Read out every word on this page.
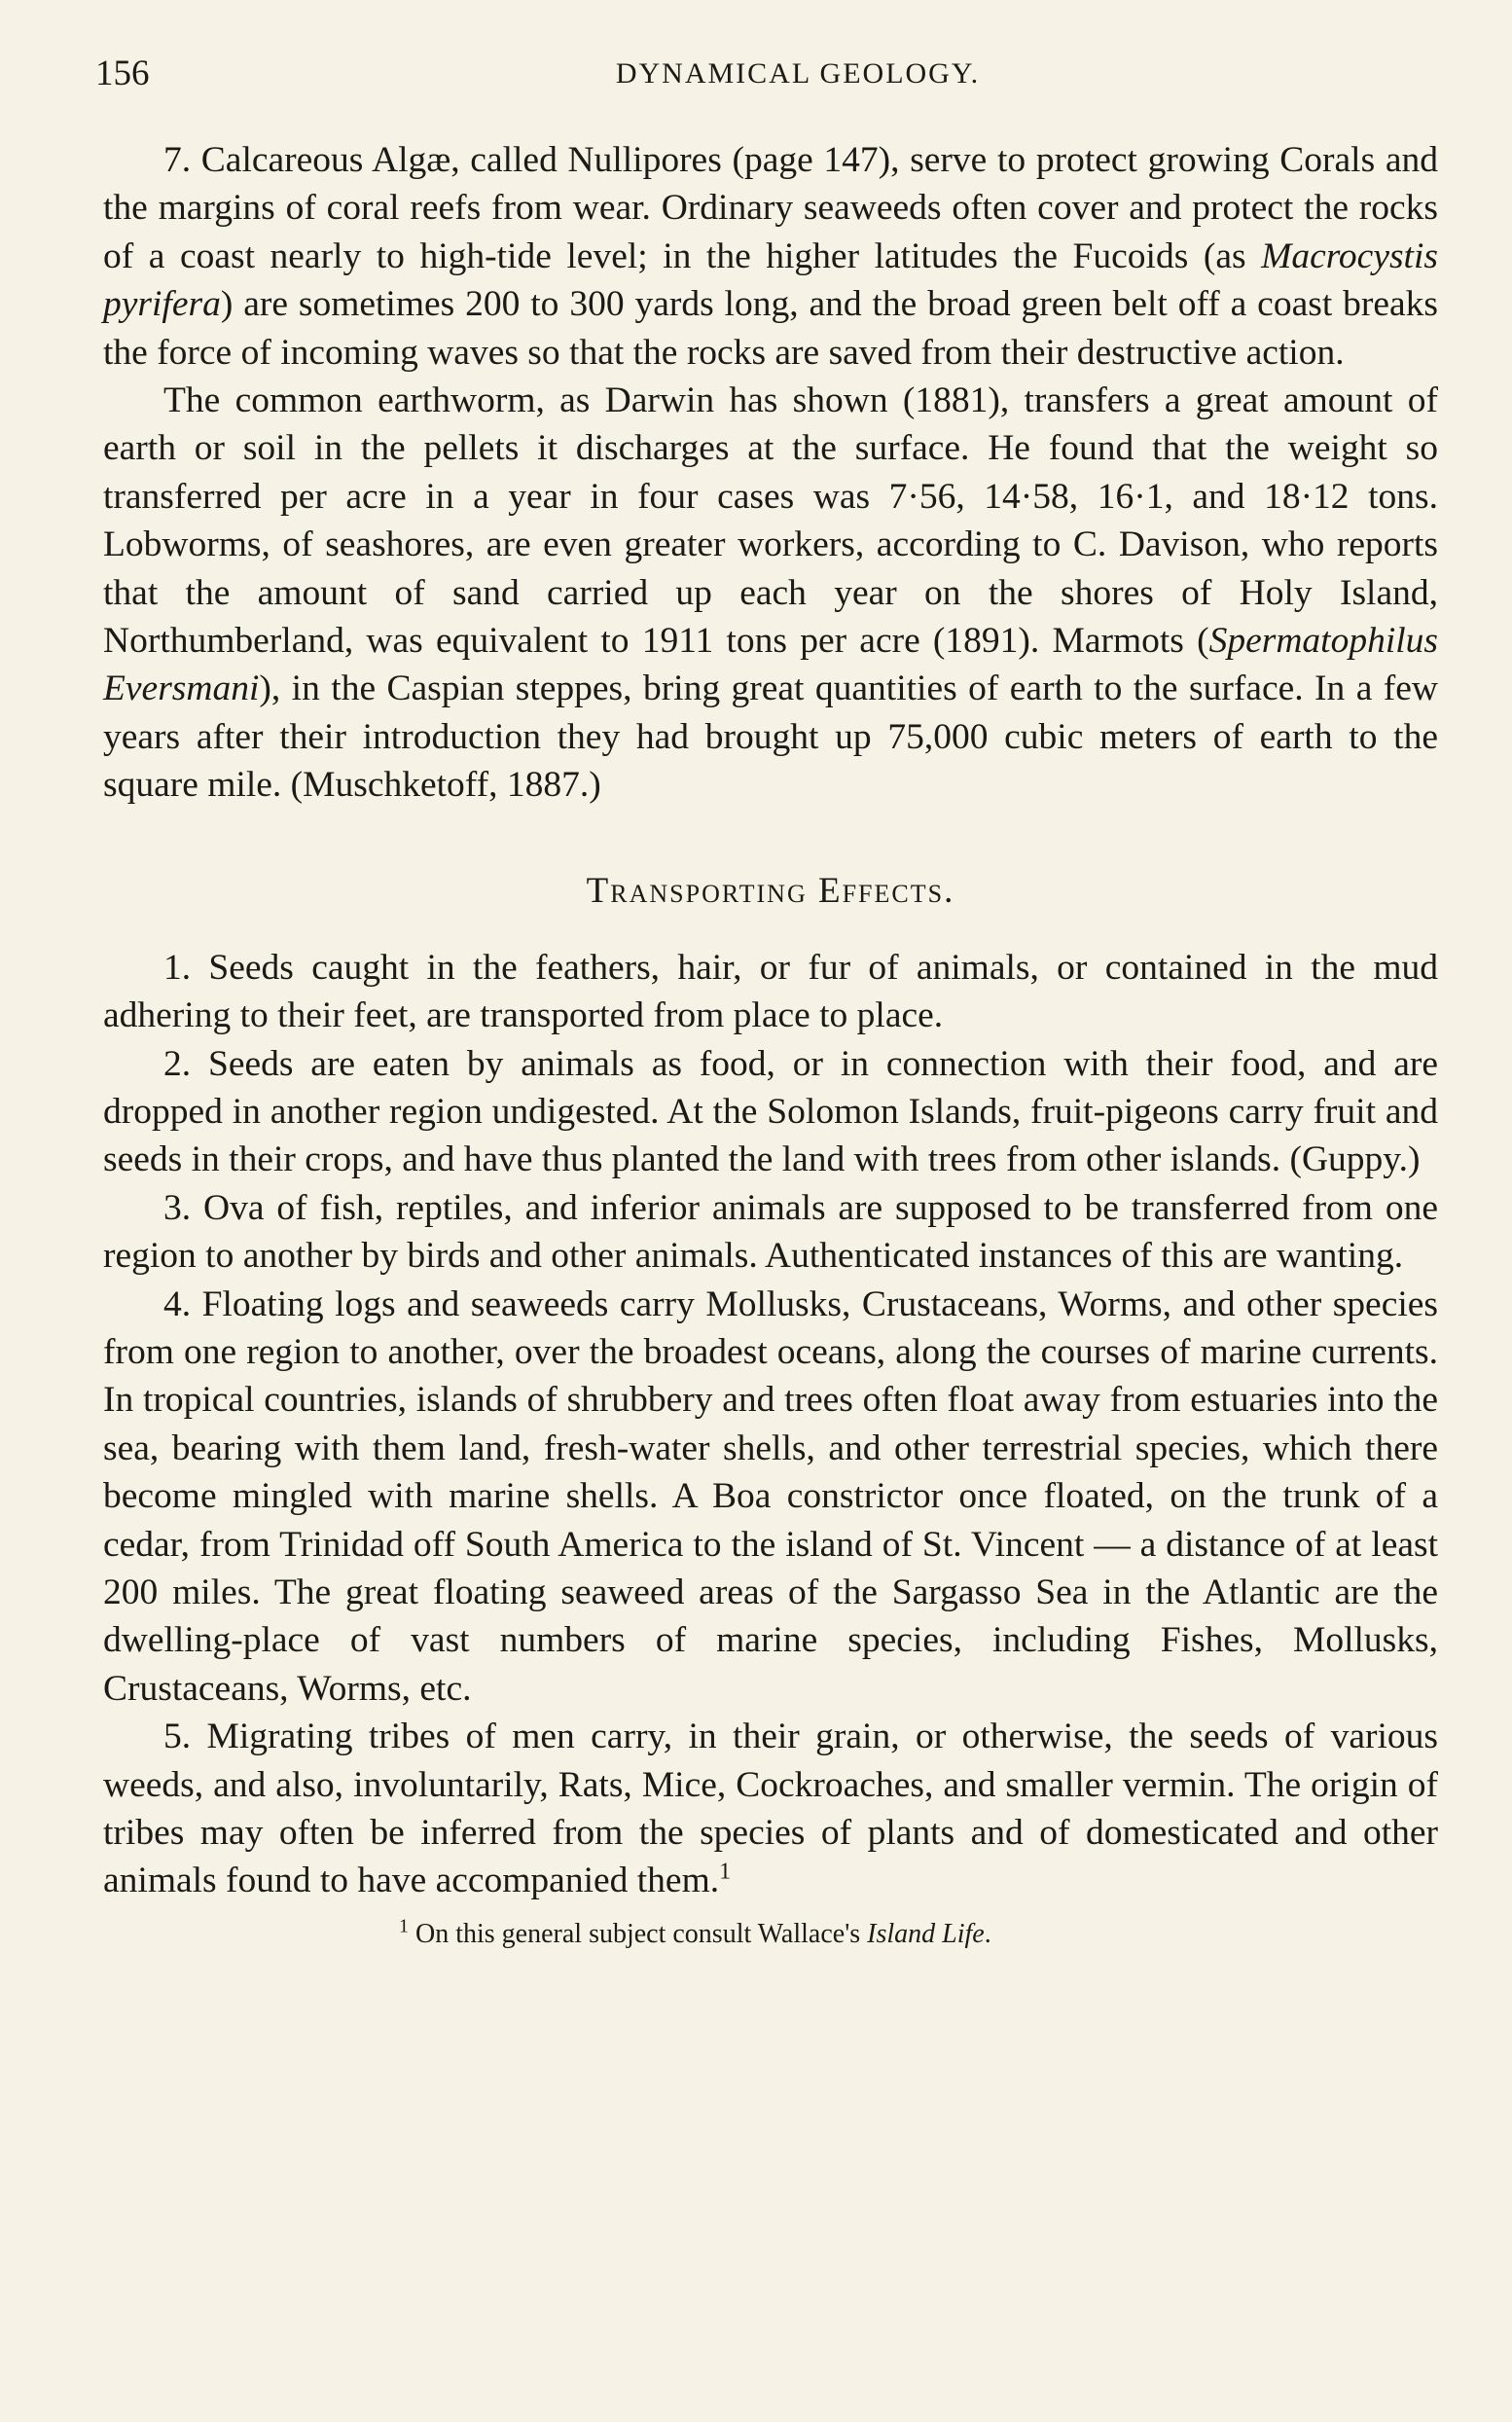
156	DYNAMICAL GEOLOGY.

7. Calcareous Algæ, called Nullipores (page 147), serve to protect growing Corals and the margins of coral reefs from wear. Ordinary seaweeds often cover and protect the rocks of a coast nearly to high-tide level; in the higher latitudes the Fucoids (as Macrocystis pyrifera) are sometimes 200 to 300 yards long, and the broad green belt off a coast breaks the force of incoming waves so that the rocks are saved from their destructive action.

The common earthworm, as Darwin has shown (1881), transfers a great amount of earth or soil in the pellets it discharges at the surface. He found that the weight so transferred per acre in a year in four cases was 7·56, 14·58, 16·1, and 18·12 tons. Lobworms, of seashores, are even greater workers, according to C. Davison, who reports that the amount of sand carried up each year on the shores of Holy Island, Northumberland, was equivalent to 1911 tons per acre (1891). Marmots (Spermatophilus Eversmani), in the Caspian steppes, bring great quantities of earth to the surface. In a few years after their introduction they had brought up 75,000 cubic meters of earth to the square mile. (Muschketoff, 1887.)

Transporting Effects.

1. Seeds caught in the feathers, hair, or fur of animals, or contained in the mud adhering to their feet, are transported from place to place.

2. Seeds are eaten by animals as food, or in connection with their food, and are dropped in another region undigested. At the Solomon Islands, fruit-pigeons carry fruit and seeds in their crops, and have thus planted the land with trees from other islands. (Guppy.)

3. Ova of fish, reptiles, and inferior animals are supposed to be transferred from one region to another by birds and other animals. Authenticated instances of this are wanting.

4. Floating logs and seaweeds carry Mollusks, Crustaceans, Worms, and other species from one region to another, over the broadest oceans, along the courses of marine currents. In tropical countries, islands of shrubbery and trees often float away from estuaries into the sea, bearing with them land, fresh-water shells, and other terrestrial species, which there become mingled with marine shells. A Boa constrictor once floated, on the trunk of a cedar, from Trinidad off South America to the island of St. Vincent — a distance of at least 200 miles. The great floating seaweed areas of the Sargasso Sea in the Atlantic are the dwelling-place of vast numbers of marine species, including Fishes, Mollusks, Crustaceans, Worms, etc.

5. Migrating tribes of men carry, in their grain, or otherwise, the seeds of various weeds, and also, involuntarily, Rats, Mice, Cockroaches, and smaller vermin. The origin of tribes may often be inferred from the species of plants and of domesticated and other animals found to have accompanied them.$^1$

$^1$ On this general subject consult Wallace's Island Life.
